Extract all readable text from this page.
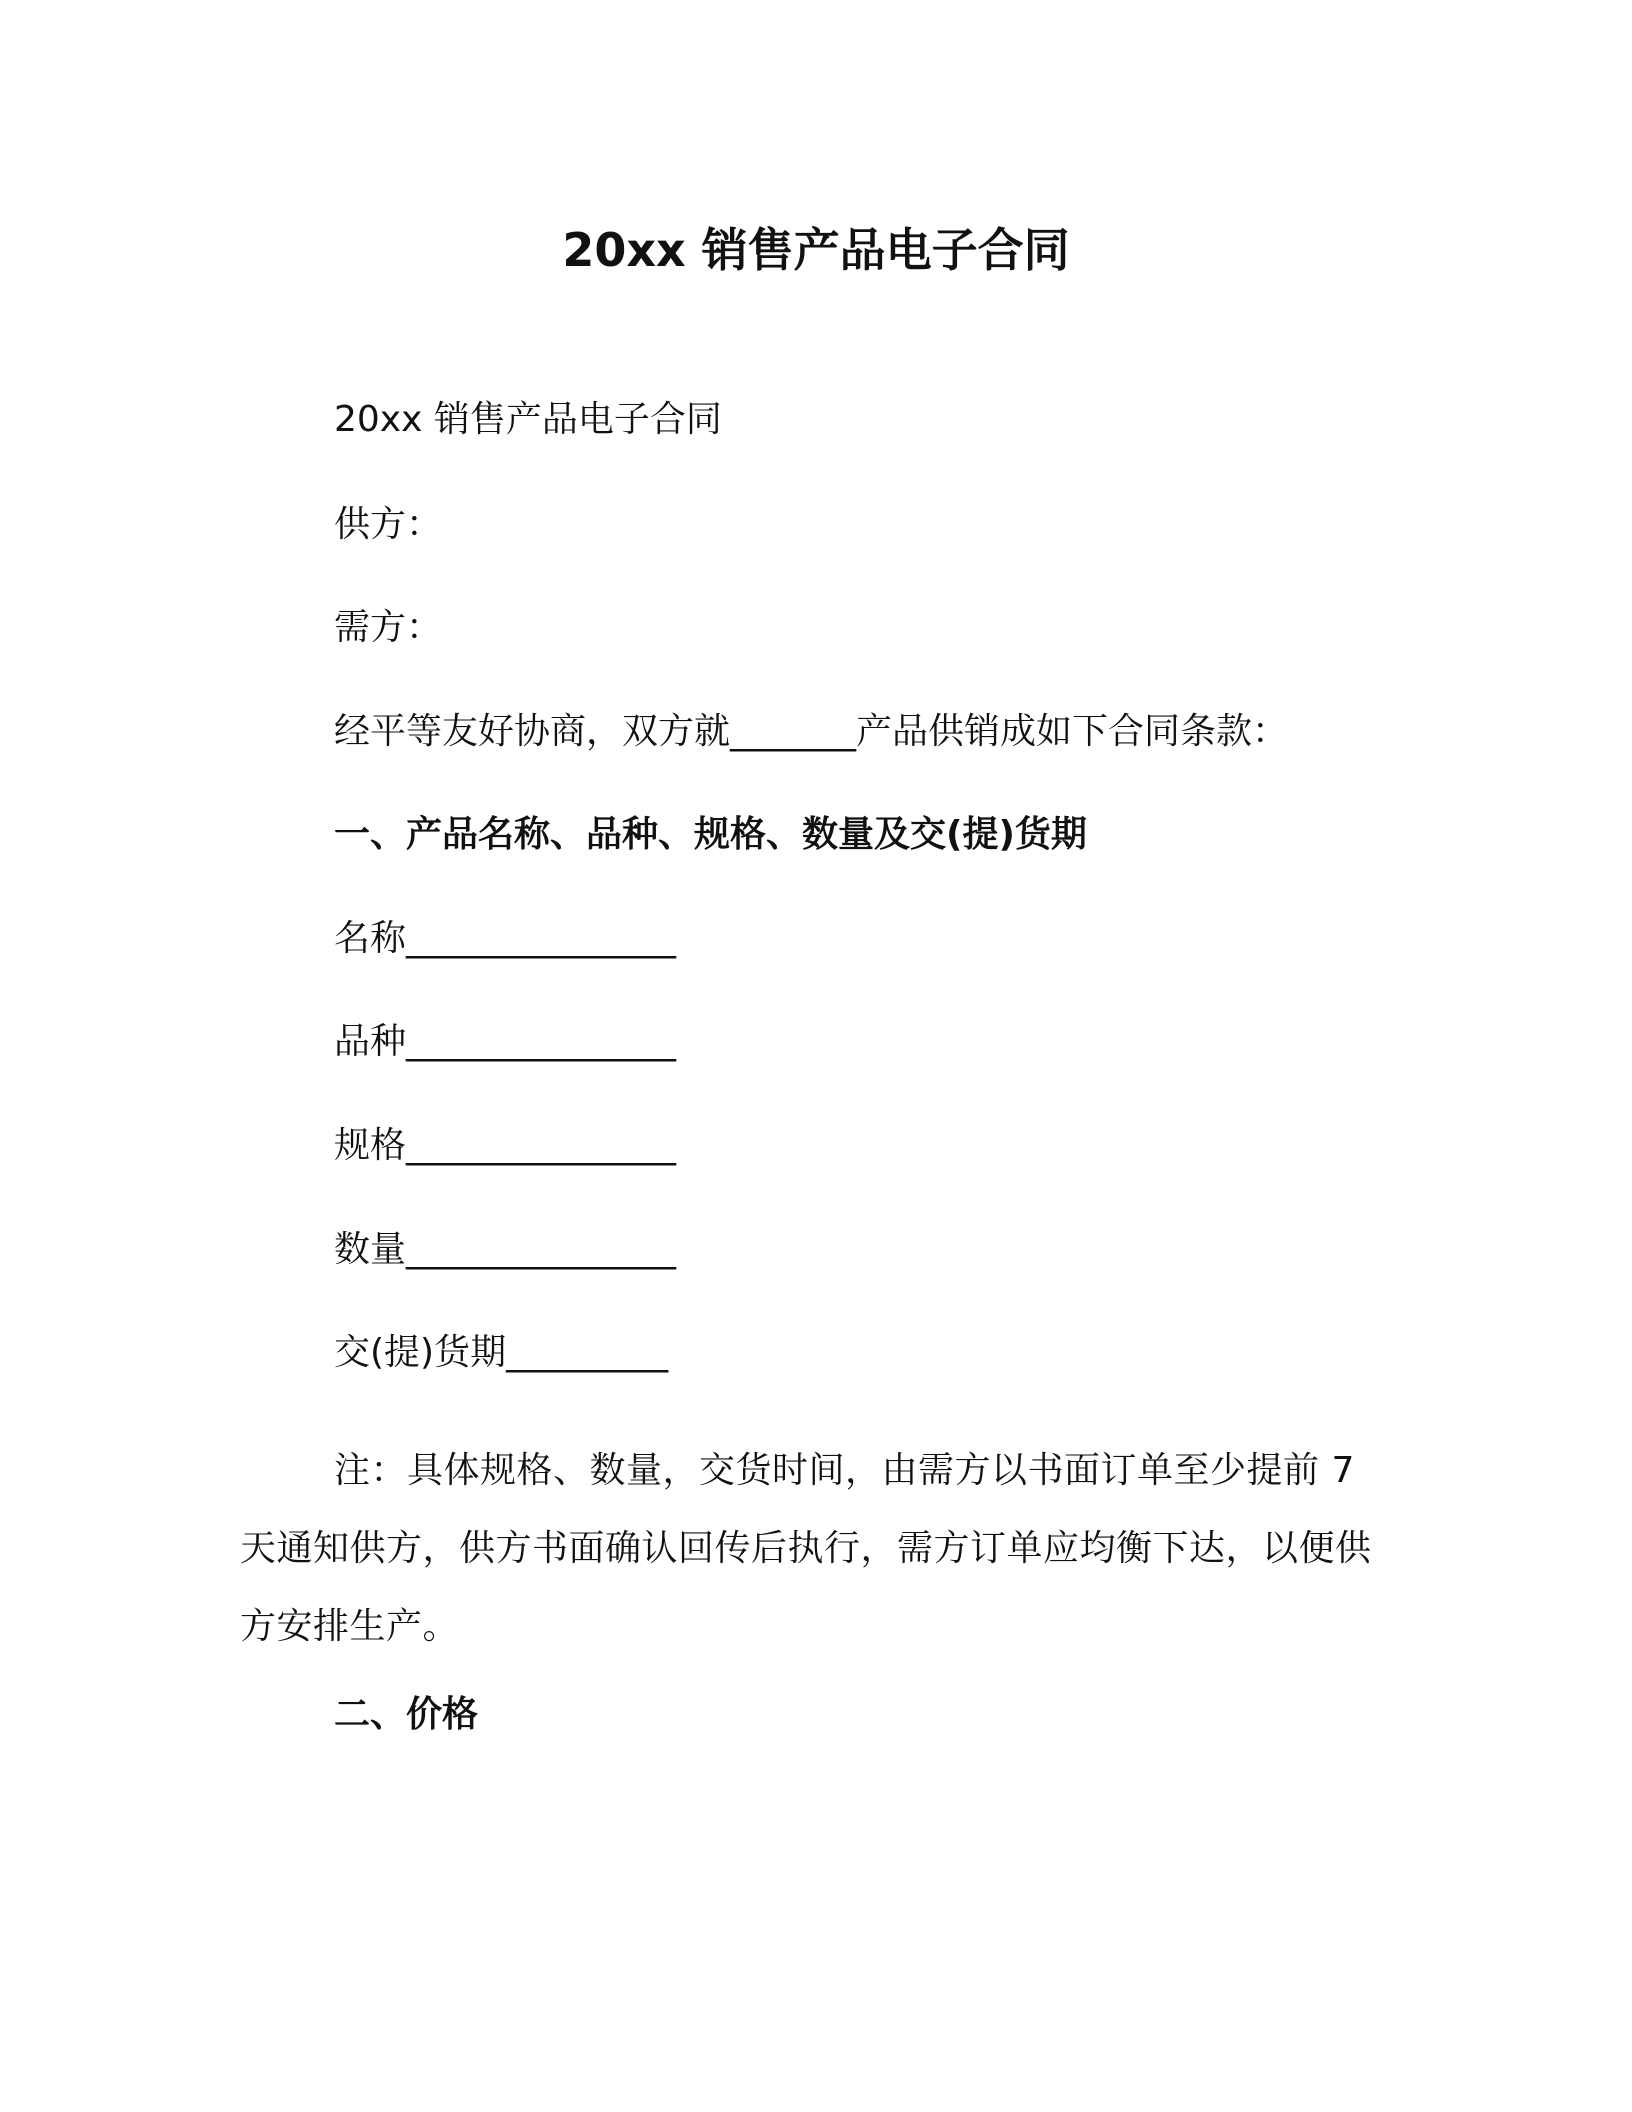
20xx 销售产品电子合同

20xx 销售产品电子合同

供方：

需方：

经平等友好协商，双方就_______产品供销成如下合同条款：

一、产品名称、品种、规格、数量及交(提)货期

名称_______________

品种_______________

规格_______________

数量_______________

交(提)货期_________

注：具体规格、数量，交货时间，由需方以书面订单至少提前 7 天通知供方，供方书面确认回传后执行，需方订单应均衡下达，以便供方安排生产。

二、价格
